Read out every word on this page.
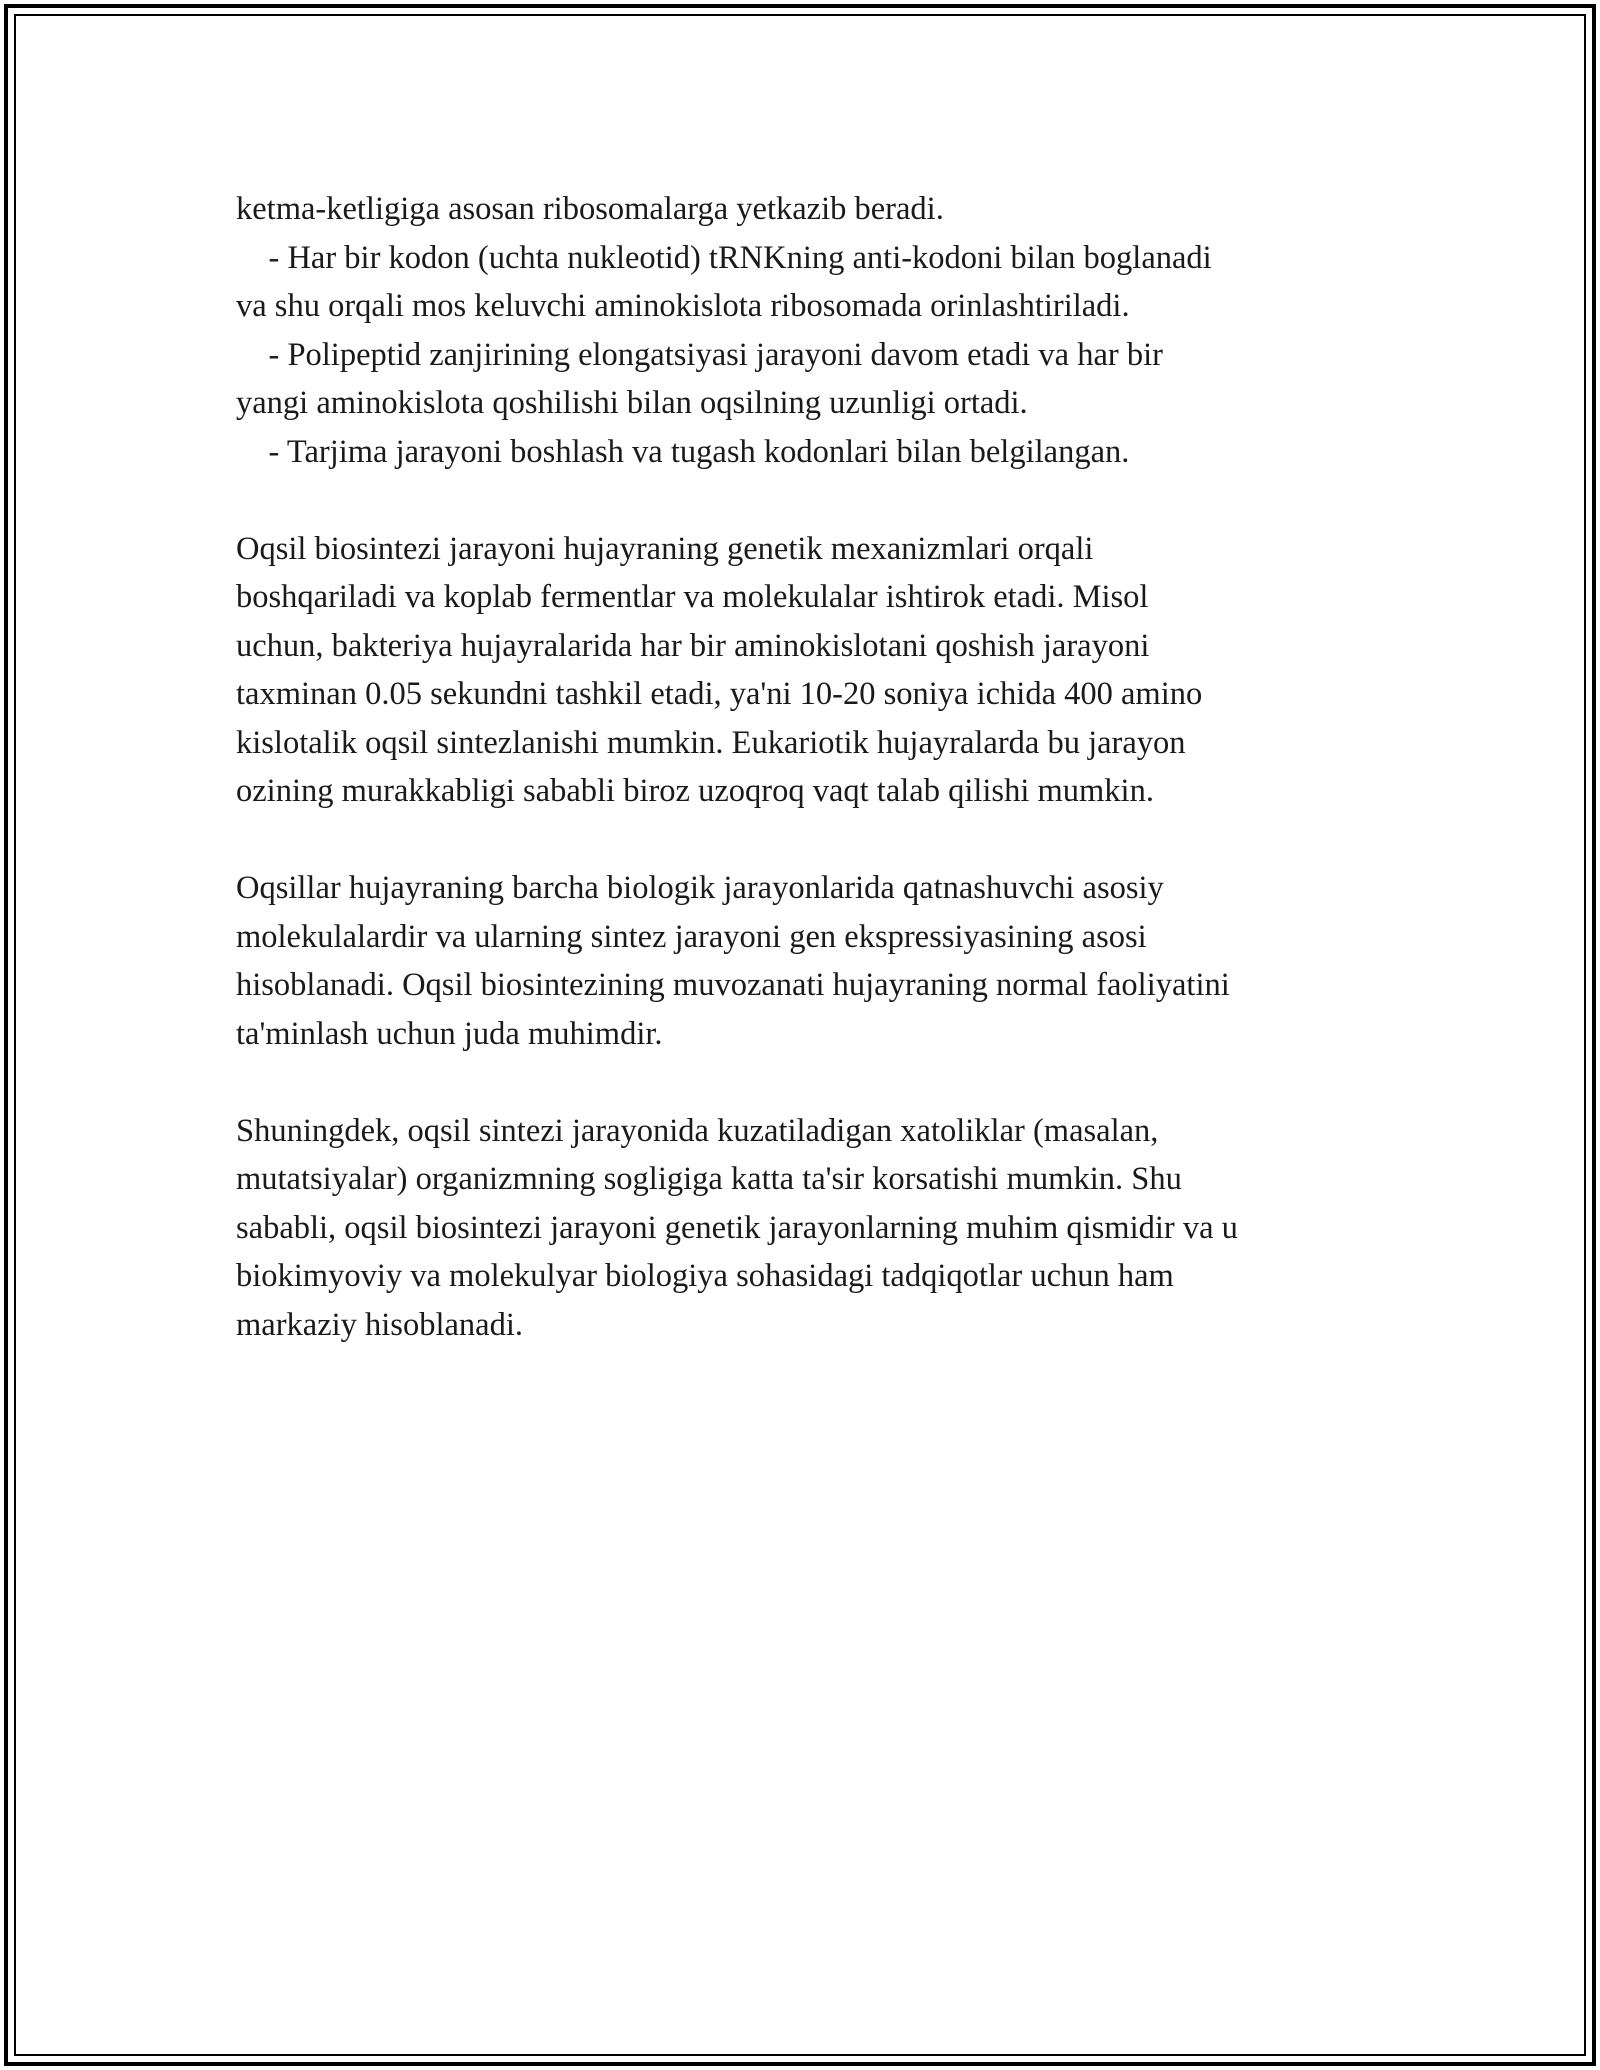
ketma-ketligiga asosan ribosomalarga yetkazib beradi.

- Har bir kodon (uchta nukleotid) tRNKning anti-kodoni bilan boglanadi

va shu orqali mos keluvchi aminokislota ribosomada orinlashtiriladi.

- Polipeptid zanjirining elongatsiyasi jarayoni davom etadi va har bir

yangi aminokislota qoshilishi bilan oqsilning uzunligi ortadi.

- Tarjima jarayoni boshlash va tugash kodonlari bilan belgilangan.

Oqsil biosintezi jarayoni hujayraning genetik mexanizmlari orqali

boshqariladi va koplab fermentlar va molekulalar ishtirok etadi. Misol

uchun, bakteriya hujayralarida har bir aminokislotani qoshish jarayoni

taxminan 0.05 sekundni tashkil etadi, ya'ni 10-20 soniya ichida 400 amino

kislotalik oqsil sintezlanishi mumkin. Eukariotik hujayralarda bu jarayon

ozining murakkabligi sababli biroz uzoqroq vaqt talab qilishi mumkin.

Oqsillar hujayraning barcha biologik jarayonlarida qatnashuvchi asosiy

molekulalardir va ularning sintez jarayoni gen ekspressiyasining asosi

hisoblanadi. Oqsil biosintezining muvozanati hujayraning normal faoliyatini

ta'minlash uchun juda muhimdir.

Shuningdek, oqsil sintezi jarayonida kuzatiladigan xatoliklar (masalan,

mutatsiyalar) organizmning sogligiga katta ta'sir korsatishi mumkin. Shu

sababli, oqsil biosintezi jarayoni genetik jarayonlarning muhim qismidir va u

biokimyoviy va molekulyar biologiya sohasidagi tadqiqotlar uchun ham

markaziy hisoblanadi.
